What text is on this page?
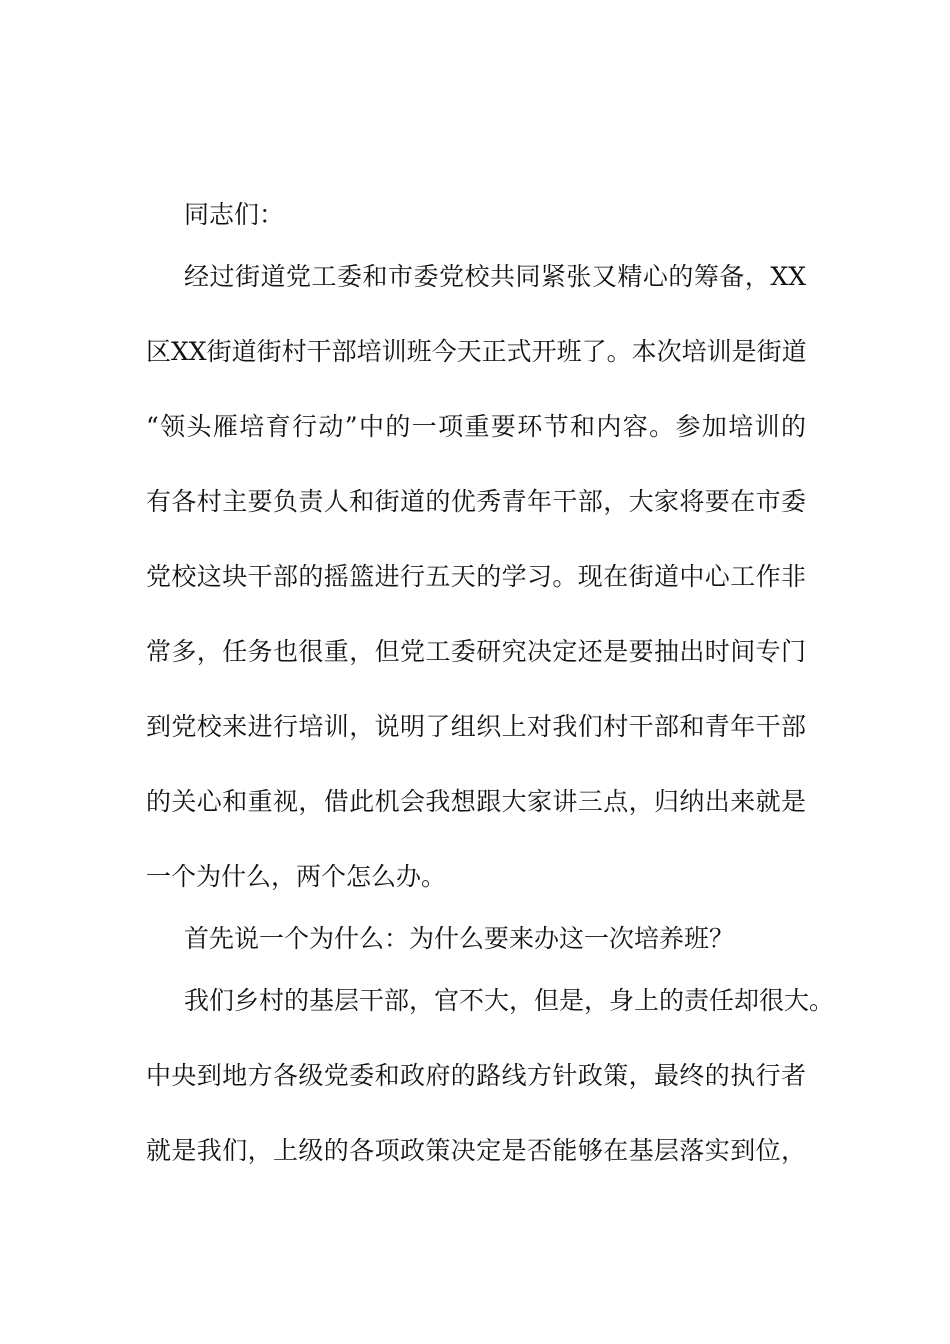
同志们：
经过街道党工委和市委党校共同紧张又精心的筹备，XX
区XX街道街村干部培训班今天正式开班了。本次培训是街道
“领头雁培育行动”中的一项重要环节和内容。参加培训的
有各村主要负责人和街道的优秀青年干部，大家将要在市委
党校这块干部的摇篮进行五天的学习。现在街道中心工作非
常多，任务也很重，但党工委研究决定还是要抽出时间专门
到党校来进行培训，说明了组织上对我们村干部和青年干部
的关心和重视，借此机会我想跟大家讲三点，归纳出来就是
一个为什么，两个怎么办。
首先说一个为什么：为什么要来办这一次培养班？
我们乡村的基层干部，官不大，但是，身上的责任却很大。
中央到地方各级党委和政府的路线方针政策，最终的执行者
就是我们，上级的各项政策决定是否能够在基层落实到位，
